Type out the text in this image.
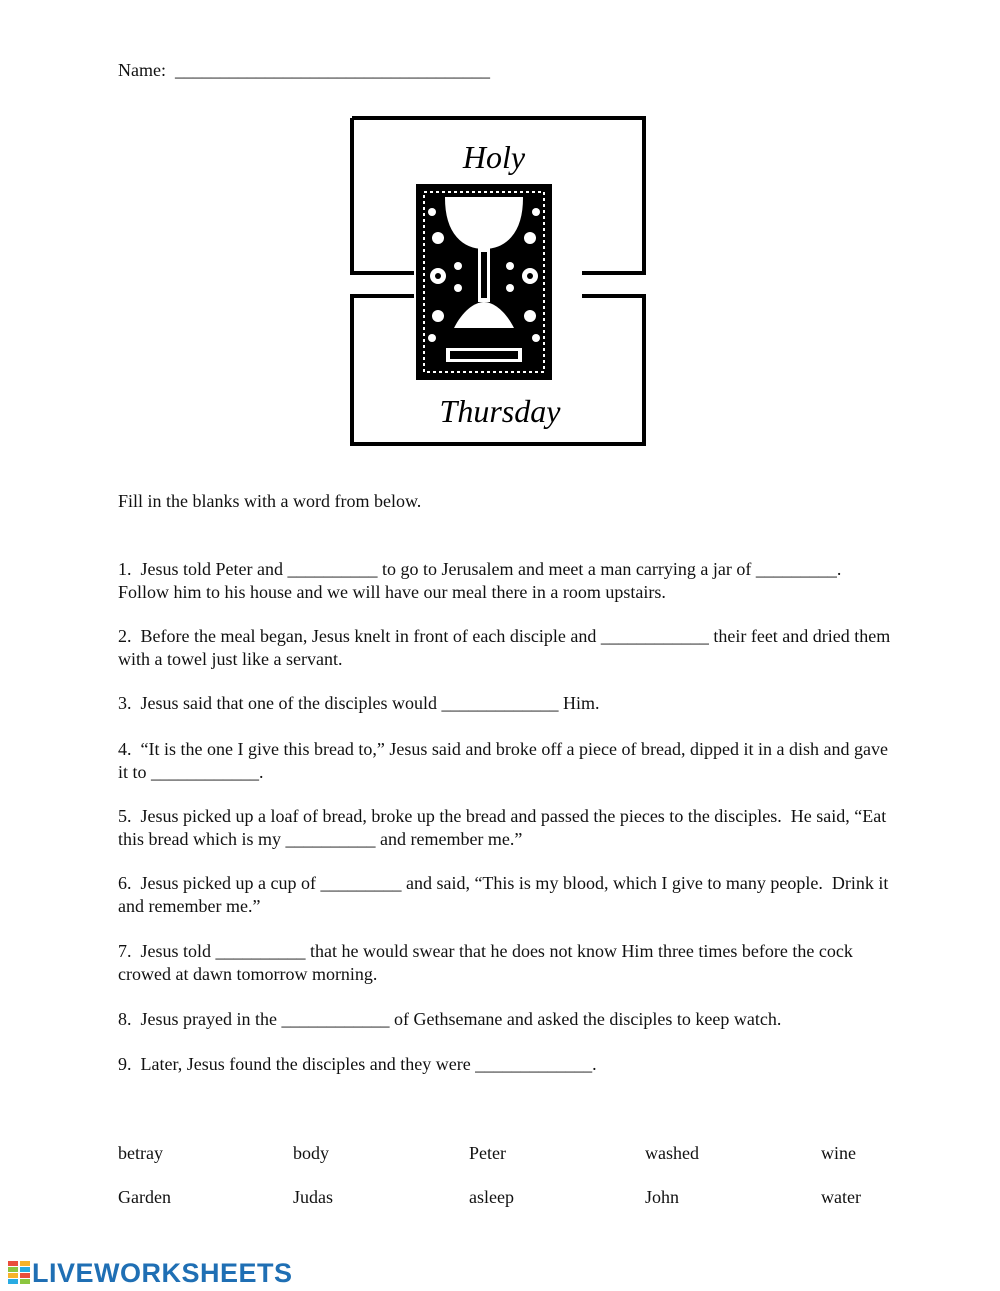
Name:  ___________________________________
Holy
Thursday
Fill in the blanks with a word from below.
1.  Jesus told Peter and __________ to go to Jerusalem and meet a man carrying a jar of _________.  Follow him to his house and we will have our meal there in a room upstairs.
2.  Before the meal began, Jesus knelt in front of each disciple and ____________ their feet and dried them with a towel just like a servant.
3.  Jesus said that one of the disciples would _____________ Him.
4.  “It is the one I give this bread to,” Jesus said and broke off a piece of bread, dipped it in a dish and gave it to ____________.
5.  Jesus picked up a loaf of bread, broke up the bread and passed the pieces to the disciples.  He said, “Eat this bread which is my __________ and remember me.”
6.  Jesus picked up a cup of _________ and said, “This is my blood, which I give to many people.  Drink it and remember me.”
7.  Jesus told __________ that he would swear that he does not know Him three times before the cock crowed at dawn tomorrow morning.
8.  Jesus prayed in the ____________ of Gethsemane and asked the disciples to keep watch.
9.  Later, Jesus found the disciples and they were _____________.
betray	body	Peter	washed	wine
Garden	Judas	asleep	John	water
LIVEWORKSHEETS
